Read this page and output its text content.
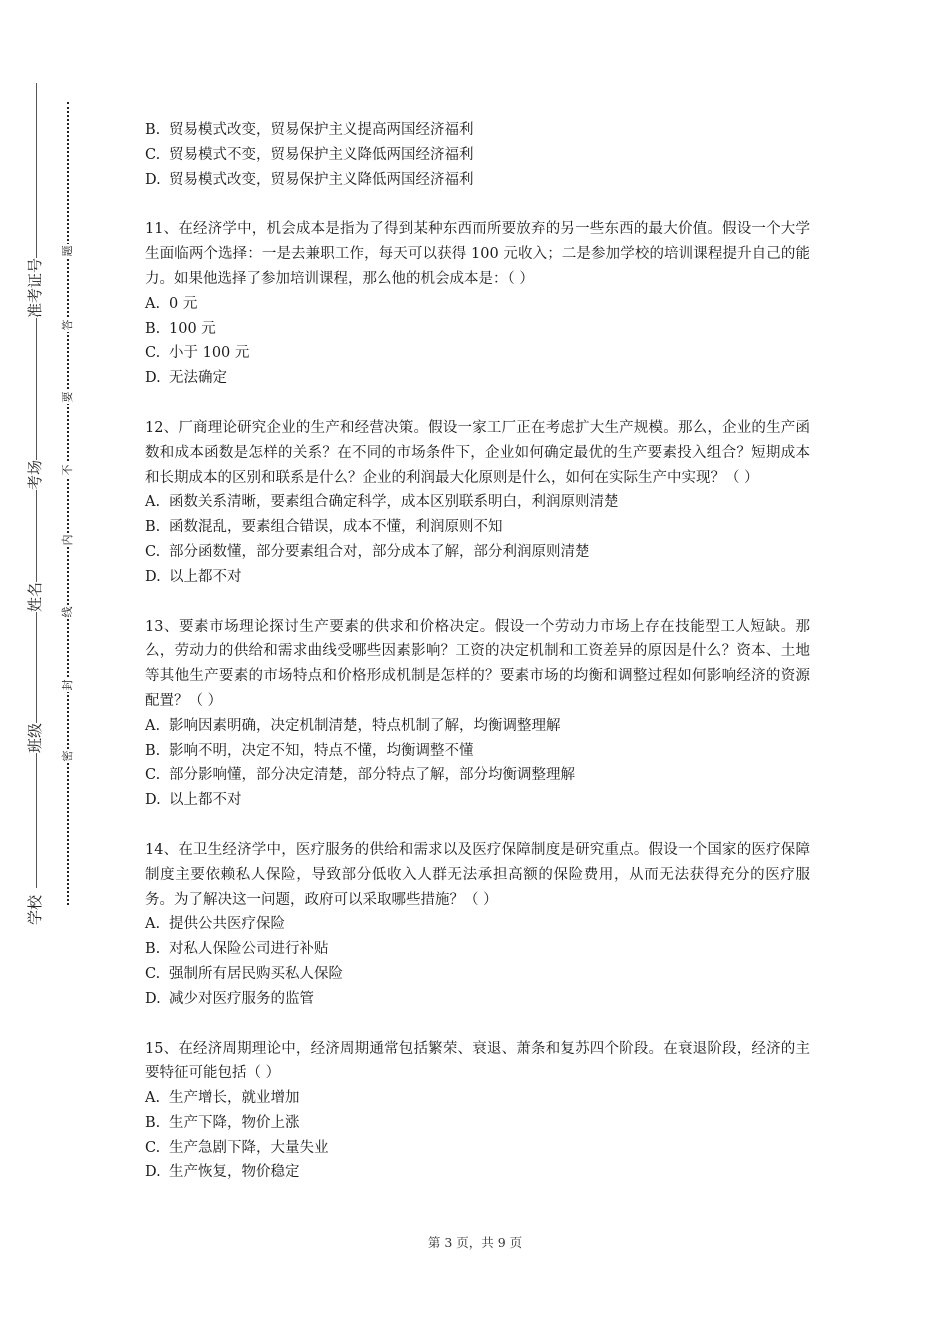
准考证号
考场
姓名
班级
学校
题
答
要
不
内
线
封
密

B. 贸易模式改变，贸易保护主义提高两国经济福利

C. 贸易模式不变，贸易保护主义降低两国经济福利

D. 贸易模式改变，贸易保护主义降低两国经济福利

11、在经济学中，机会成本是指为了得到某种东西而所要放弃的另一些东西的最大价值。假设一个大学生面临两个选择：一是去兼职工作，每天可以获得 100 元收入；二是参加学校的培训课程提升自己的能力。如果他选择了参加培训课程，那么他的机会成本是：（ ）

A. 0 元

B. 100 元

C. 小于 100 元

D. 无法确定

12、厂商理论研究企业的生产和经营决策。假设一家工厂正在考虑扩大生产规模。那么，企业的生产函数和成本函数是怎样的关系？在不同的市场条件下，企业如何确定最优的生产要素投入组合？短期成本和长期成本的区别和联系是什么？企业的利润最大化原则是什么，如何在实际生产中实现？（ ）

A. 函数关系清晰，要素组合确定科学，成本区别联系明白，利润原则清楚

B. 函数混乱，要素组合错误，成本不懂，利润原则不知

C. 部分函数懂，部分要素组合对，部分成本了解，部分利润原则清楚

D. 以上都不对

13、要素市场理论探讨生产要素的供求和价格决定。假设一个劳动力市场上存在技能型工人短缺。那么，劳动力的供给和需求曲线受哪些因素影响？工资的决定机制和工资差异的原因是什么？资本、土地等其他生产要素的市场特点和价格形成机制是怎样的？要素市场的均衡和调整过程如何影响经济的资源配置？（ ）

A. 影响因素明确，决定机制清楚，特点机制了解，均衡调整理解

B. 影响不明，决定不知，特点不懂，均衡调整不懂

C. 部分影响懂，部分决定清楚，部分特点了解，部分均衡调整理解

D. 以上都不对

14、在卫生经济学中，医疗服务的供给和需求以及医疗保障制度是研究重点。假设一个国家的医疗保障制度主要依赖私人保险，导致部分低收入人群无法承担高额的保险费用，从而无法获得充分的医疗服务。为了解决这一问题，政府可以采取哪些措施？（ ）

A. 提供公共医疗保险

B. 对私人保险公司进行补贴

C. 强制所有居民购买私人保险

D. 减少对医疗服务的监管

15、在经济周期理论中，经济周期通常包括繁荣、衰退、萧条和复苏四个阶段。在衰退阶段，经济的主要特征可能包括（ ）

A. 生产增长，就业增加

B. 生产下降，物价上涨

C. 生产急剧下降，大量失业

D. 生产恢复，物价稳定

第 3 页，共 9 页
